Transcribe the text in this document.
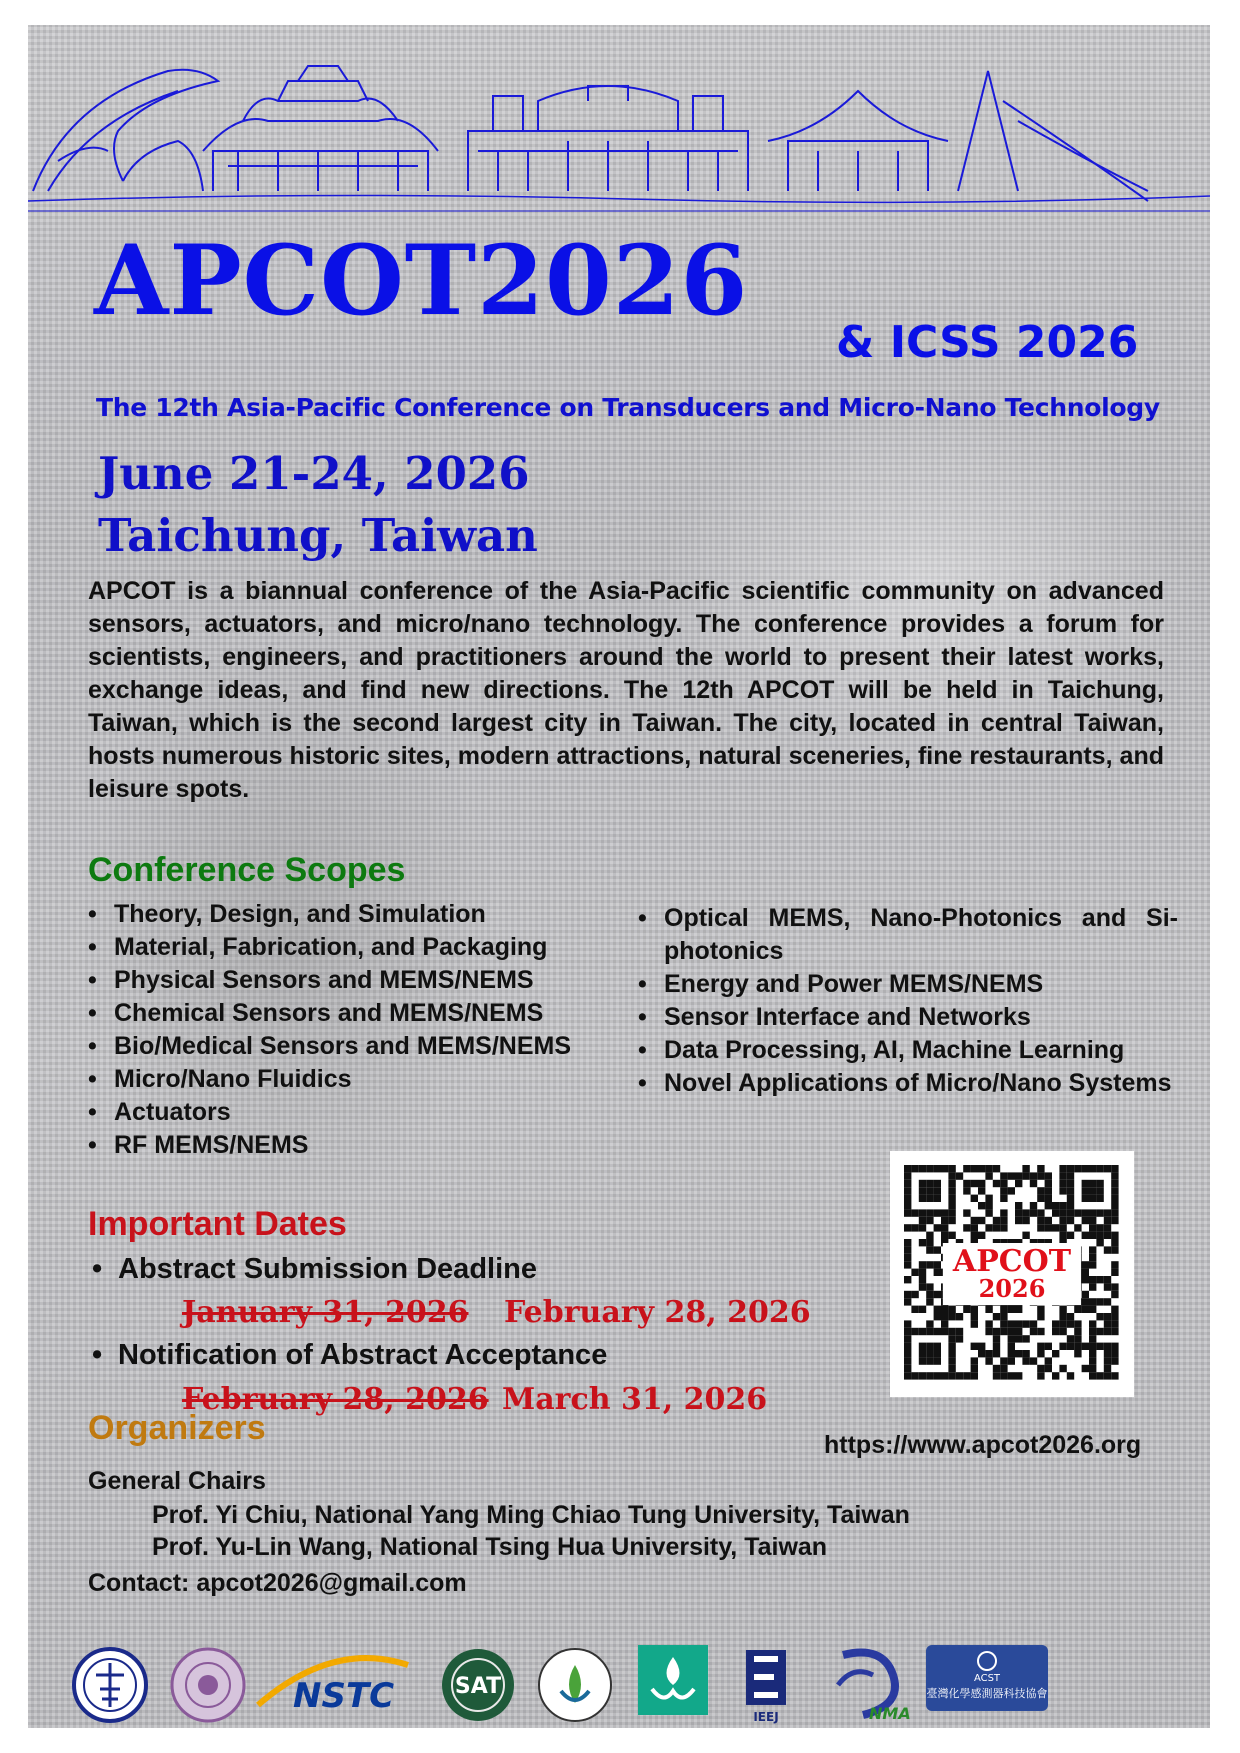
APCOT2026
& ICSS 2026
The 12th Asia-Pacific Conference on Transducers and Micro-Nano Technology
June 21-24, 2026
Taichung, Taiwan

APCOT is a biannual conference of the Asia-Pacific scientific community on advanced sensors, actuators, and micro/nano technology. The conference provides a forum for scientists, engineers, and practitioners around the world to present their latest works, exchange ideas, and find new directions. The 12th APCOT will be held in Taichung, Taiwan, which is the second largest city in Taiwan. The city, located in central Taiwan, hosts numerous historic sites, modern attractions, natural sceneries, fine restaurants, and leisure spots.

Conference Scopes
• Theory, Design, and Simulation
• Material, Fabrication, and Packaging
• Physical Sensors and MEMS/NEMS
• Chemical Sensors and MEMS/NEMS
• Bio/Medical Sensors and MEMS/NEMS
• Micro/Nano Fluidics
• Actuators
• RF MEMS/NEMS
• Optical MEMS, Nano-Photonics and Si-photonics
• Energy and Power MEMS/NEMS
• Sensor Interface and Networks
• Data Processing, AI, Machine Learning
• Novel Applications of Micro/Nano Systems
Important Dates
• Abstract Submission Deadline
January 31, 2026 February 28, 2026
• Notification of Abstract Acceptance
February 28, 2026 March 31, 2026
APCOT
2026
https://www.apcot2026.org
Organizers
General Chairs
Prof. Yi Chiu, National Yang Ming Chiao Tung University, Taiwan
Prof. Yu-Lin Wang, National Tsing Hua University, Taiwan
Contact: apcot2026@gmail.com
NSTC	SAT
IEEJ	NMA
ACST
臺灣化學感測器科技協會
